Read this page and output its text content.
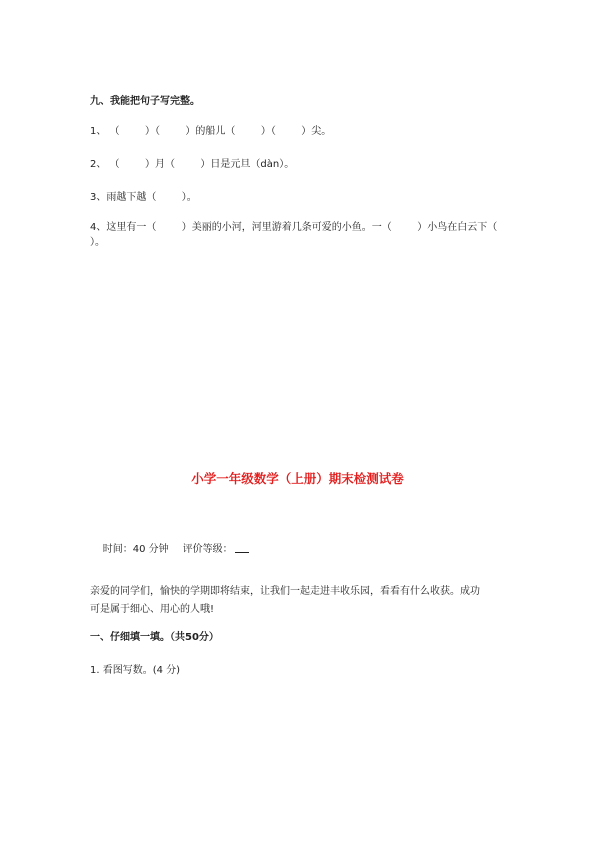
九、我能把句子写完整。
1、 （        ）（        ）的船儿（        ）（        ）尖。
2、 （        ）月（        ）日是元旦（dàn）。
3、雨越下越（        ）。
4、这里有一（        ）美丽的小河，河里游着几条可爱的小鱼。一（        ）小鸟在白云下（
）。
小学一年级数学（上册）期末检测试卷

时间：40 分钟 评价等级：

亲爱的同学们，愉快的学期即将结束，让我们一起走进丰收乐园，看看有什么收获。成功
可是属于细心、用心的人哦!
一、仔细填一填。（共50分）
1. 看图写数。(4 分)
